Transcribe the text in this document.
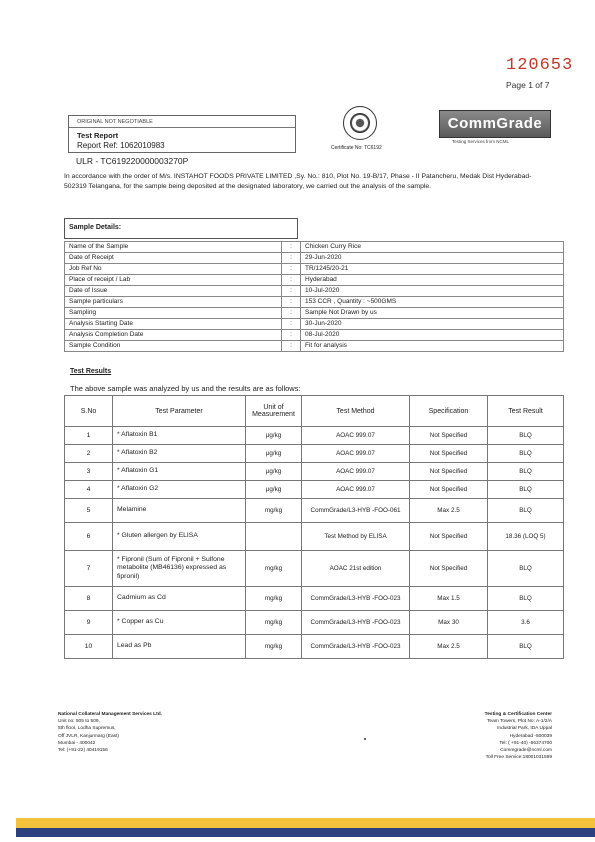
120653
Page 1 of 7
ORIGINAL NOT NEGOTIABLE
Test Report
Report Ref: 1062010983	Certificate No: TC6192
CommGrade
Testing Services from NCML
ULR - TC619220000003270P
In accordance with the order of M/s. INSTAHOT FOODS PRIVATE LIMITED ,Sy. No.: 810, Plot No. 19-B/17, Phase - II Patancheru, Medak Dist Hyderabad-502319 Telangana, for the sample being deposited at the designated laboratory, we carried out the analysis of the sample.
Sample Details:
Name of the Sample	:	Chicken Curry Rice
Date of Receipt	:	29-Jun-2020
Job Ref No	:	TR/1245/20-21
Place of receipt / Lab	:	Hyderabad
Date of Issue	:	10-Jul-2020
Sample particulars	:	153 CCR , Quantity : ~500GMS
Sampling	:	Sample Not Drawn by us
Analysis Starting Date	:	30-Jun-2020
Analysis Completion Date	:	08-Jul-2020
Sample Condition	:	Fit for analysis
Test Results
The above sample was analyzed by us and the results are as follows:
S.No	Test Parameter	Unit of Measurement	Test Method	Specification	Test Result
1	* Aflatoxin B1	µg/kg	AOAC 999.07	Not Specified	BLQ
2	* Aflatoxin B2	µg/kg	AOAC 999.07	Not Specified	BLQ
3	* Aflatoxin G1	µg/kg	AOAC 999.07	Not Specified	BLQ
4	* Aflatoxin G2	µg/kg	AOAC 999.07	Not Specified	BLQ
5	Melamine	mg/kg	CommGrade/L3-HYB -FOO-061	Max 2.5	BLQ
6	* Gluten allergen by ELISA		Test Method by ELISA	Not Specified	18.36 (LOQ 5)
7	* Fipronil (Sum of Fipronil + Sulfone metabolite (MB46136) expressed as fipronil)	mg/kg	AOAC 21st edition	Not Specified	BLQ
8	Cadmium as Cd	mg/kg	CommGrade/L3-HYB -FOO-023	Max 1.5	BLQ
9	* Copper as Cu	mg/kg	CommGrade/L3-HYB -FOO-023	Max 30	3.6
10	Lead as Pb	mg/kg	CommGrade/L3-HYB -FOO-023	Max 2.5	BLQ
National Collateral Management Services Ltd.
Unit no: 505 to 509,
5th floor, Lodha Supremus,
Off JVLR, Kanjurmarg (East)
Mumbai - 400042
Tel: (+91-22) 40419156
Testing & Certification Center
Team Towers, Plot No: A-1/2/A
Industrial Park, IDA Uppal
Hyderabad -500039
Tel: ( +91-40) -66374700
Commgrade@ncml.com
Toll Free Service:18001031599
